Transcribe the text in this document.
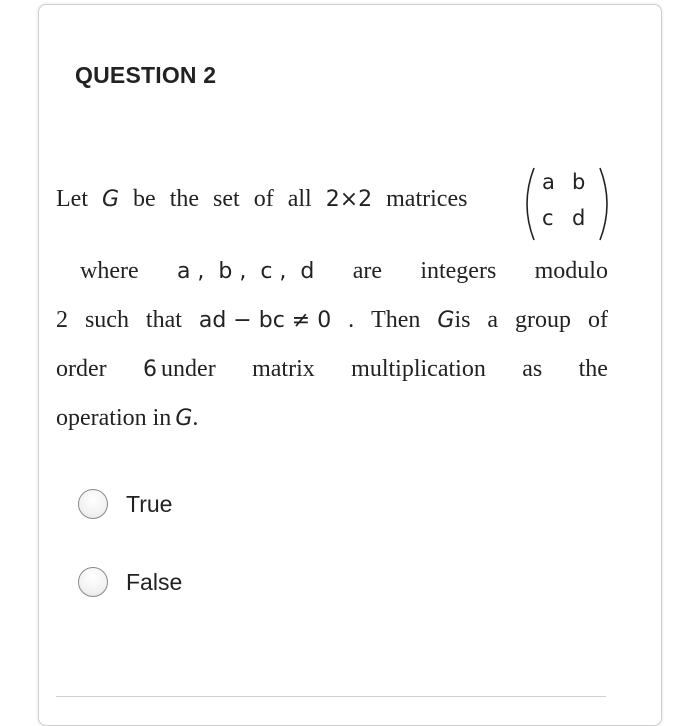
QUESTION 2
Let G be the set of all 2×2 matrices
a b
c d
where a ,  b ,  c ,  d are integers modulo
2 such that ad − bc ≠ 0 . Then Gis a group of
order 6 under matrix multiplication as the
operation in G.
True
False
